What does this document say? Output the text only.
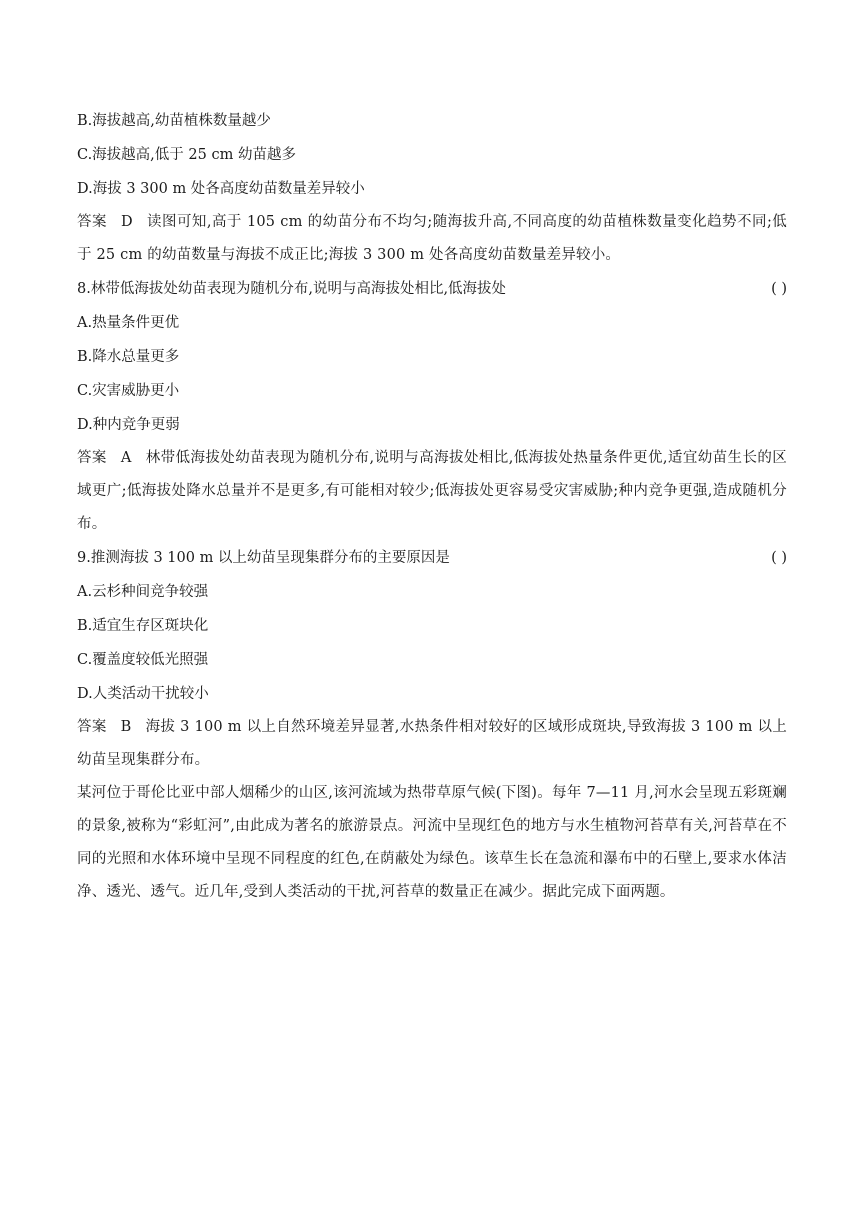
B.海拔越高,幼苗植株数量越少
C.海拔越高,低于 25 cm 幼苗越多
D.海拔 3 300 m 处各高度幼苗数量差异较小
答案 D 读图可知,高于 105 cm 的幼苗分布不均匀;随海拔升高,不同高度的幼苗植株数量变化趋势不同;低于 25 cm 的幼苗数量与海拔不成正比;海拔 3 300 m 处各高度幼苗数量差异较小。
8.林带低海拔处幼苗表现为随机分布,说明与高海拔处相比,低海拔处	( )
A.热量条件更优
B.降水总量更多
C.灾害威胁更小
D.种内竞争更弱
答案 A 林带低海拔处幼苗表现为随机分布,说明与高海拔处相比,低海拔处热量条件更优,适宜幼苗生长的区域更广;低海拔处降水总量并不是更多,有可能相对较少;低海拔处更容易受灾害威胁;种内竞争更强,造成随机分布。
9.推测海拔 3 100 m 以上幼苗呈现集群分布的主要原因是	( )
A.云杉种间竞争较强
B.适宜生存区斑块化
C.覆盖度较低光照强
D.人类活动干扰较小
答案 B 海拔 3 100 m 以上自然环境差异显著,水热条件相对较好的区域形成斑块,导致海拔 3 100 m 以上幼苗呈现集群分布。
某河位于哥伦比亚中部人烟稀少的山区,该河流域为热带草原气候(下图)。每年 7—11 月,河水会呈现五彩斑斓的景象,被称为“彩虹河”,由此成为著名的旅游景点。河流中呈现红色的地方与水生植物河苔草有关,河苔草在不同的光照和水体环境中呈现不同程度的红色,在荫蔽处为绿色。该草生长在急流和瀑布中的石壁上,要求水体洁净、透光、透气。近几年,受到人类活动的干扰,河苔草的数量正在减少。据此完成下面两题。
